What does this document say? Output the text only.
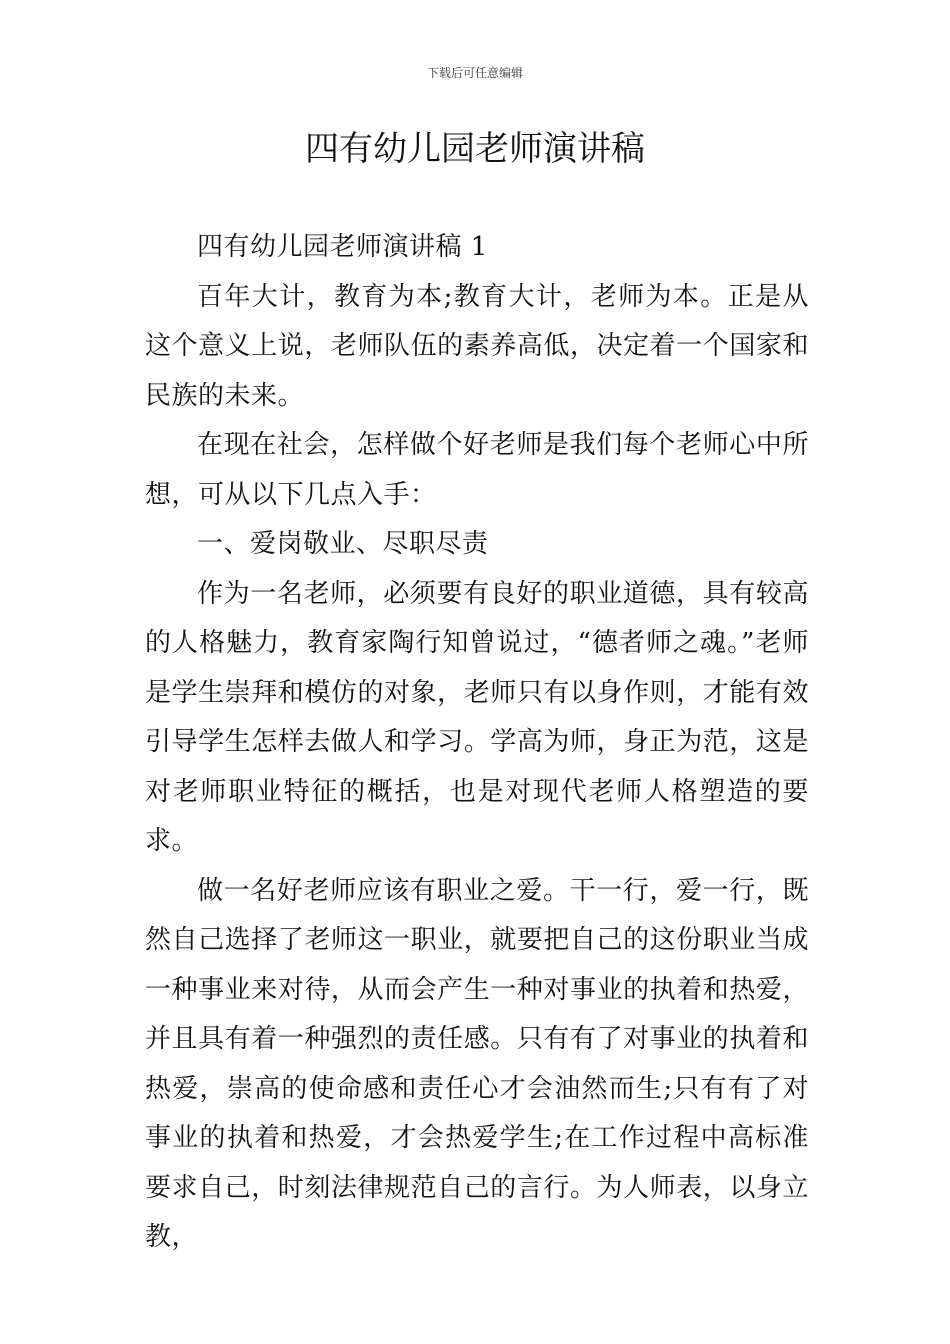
下载后可任意编辑
四有幼儿园老师演讲稿

四有幼儿园老师演讲稿 1

百年大计，教育为本;教育大计，老师为本。正是从这个意义上说，老师队伍的素养高低，决定着一个国家和民族的未来。

在现在社会，怎样做个好老师是我们每个老师心中所想，可从以下几点入手：

一、爱岗敬业、尽职尽责

作为一名老师，必须要有良好的职业道德，具有较高的人格魅力，教育家陶行知曾说过，“德者师之魂。”老师是学生崇拜和模仿的对象，老师只有以身作则，才能有效引导学生怎样去做人和学习。学高为师，身正为范，这是对老师职业特征的概括，也是对现代老师人格塑造的要求。

做一名好老师应该有职业之爱。干一行，爱一行，既然自己选择了老师这一职业，就要把自己的这份职业当成一种事业来对待，从而会产生一种对事业的执着和热爱，并且具有着一种强烈的责任感。只有有了对事业的执着和热爱，崇高的使命感和责任心才会油然而生;只有有了对事业的执着和热爱，才会热爱学生;在工作过程中高标准要求自己，时刻法律规范自己的言行。为人师表，以身立教，
